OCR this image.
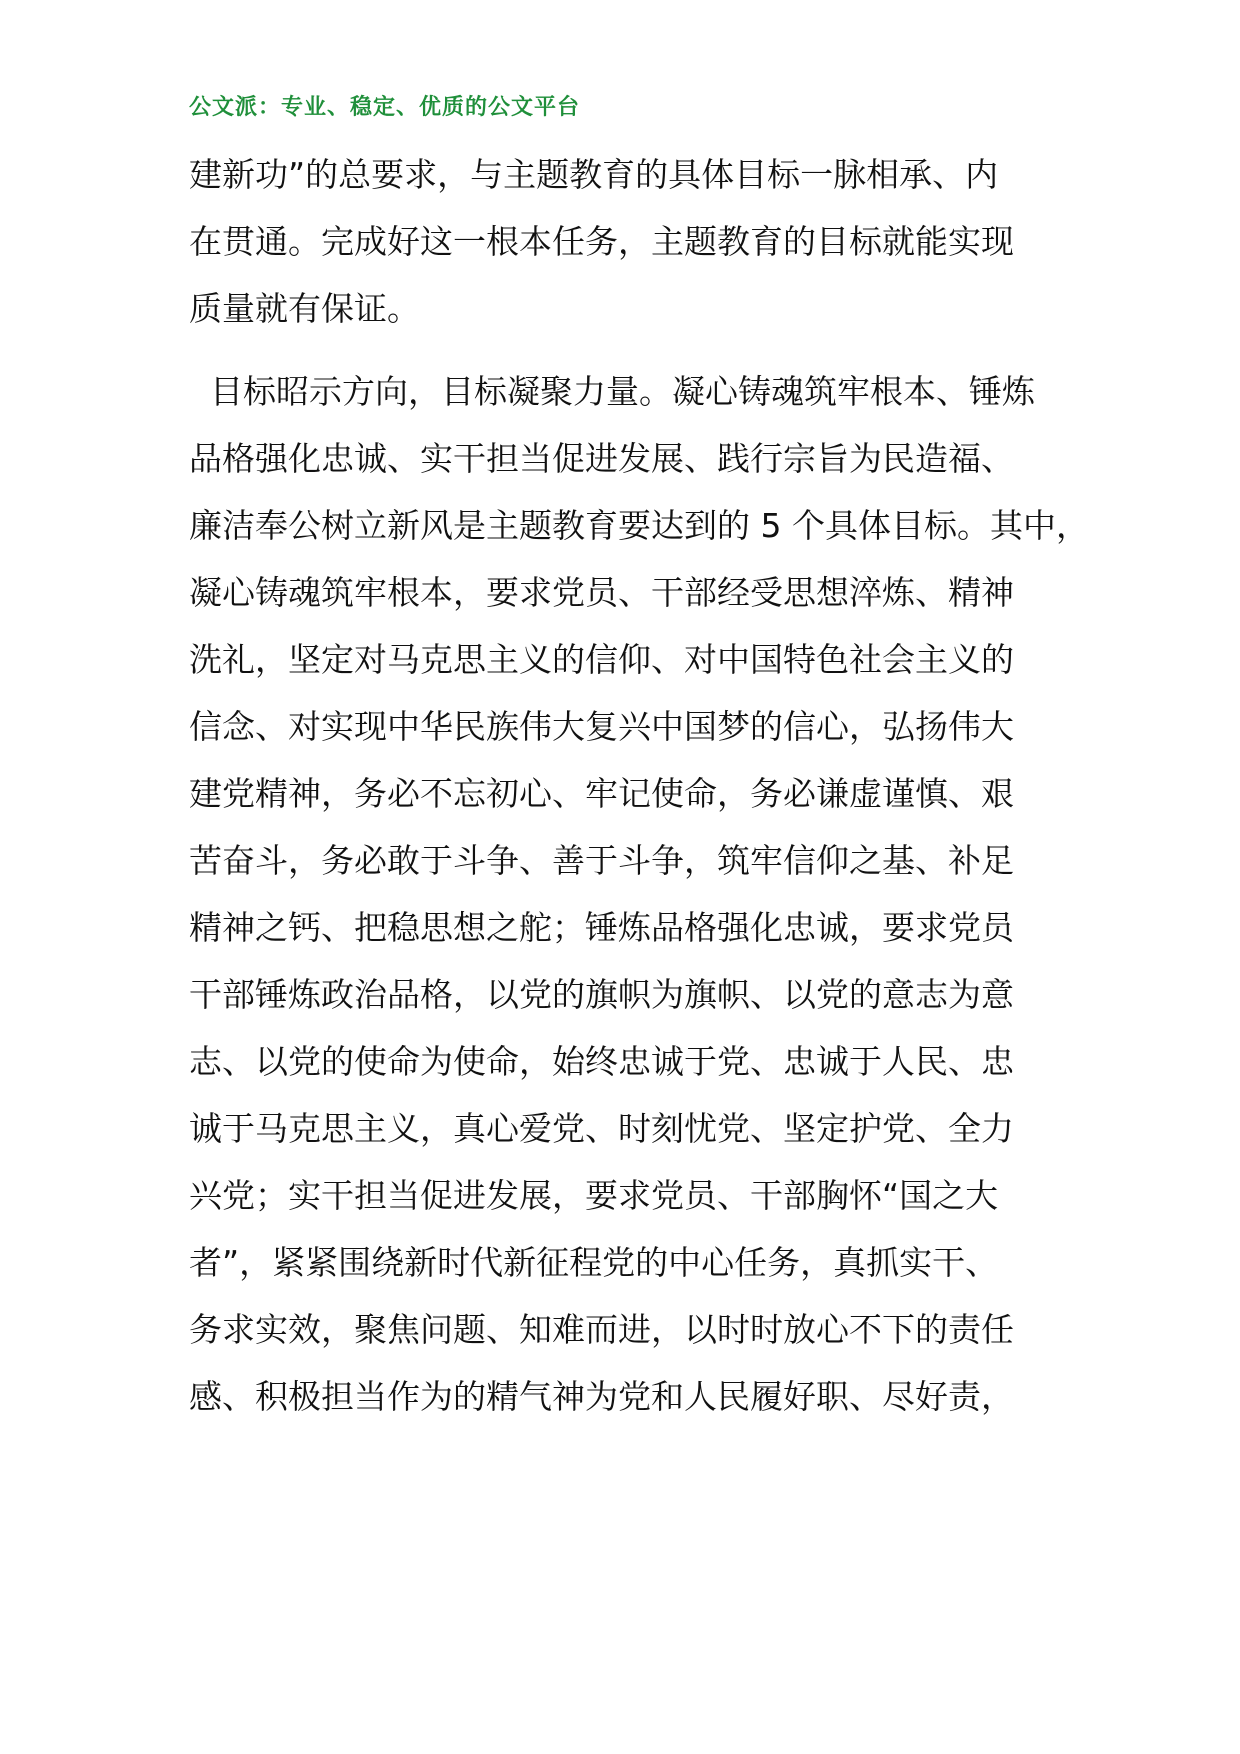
公文派：专业、稳定、优质的公文平台
建新功”的总要求，与主题教育的具体目标一脉相承、内
在贯通。完成好这一根本任务，主题教育的目标就能实现
质量就有保证。
目标昭示方向，目标凝聚力量。凝心铸魂筑牢根本、锤炼
品格强化忠诚、实干担当促进发展、践行宗旨为民造福、
廉洁奉公树立新风是主题教育要达到的 5 个具体目标。其中，
凝心铸魂筑牢根本，要求党员、干部经受思想淬炼、精神
洗礼，坚定对马克思主义的信仰、对中国特色社会主义的
信念、对实现中华民族伟大复兴中国梦的信心，弘扬伟大
建党精神，务必不忘初心、牢记使命，务必谦虚谨慎、艰
苦奋斗，务必敢于斗争、善于斗争，筑牢信仰之基、补足
精神之钙、把稳思想之舵；锤炼品格强化忠诚，要求党员
干部锤炼政治品格，以党的旗帜为旗帜、以党的意志为意
志、以党的使命为使命，始终忠诚于党、忠诚于人民、忠
诚于马克思主义，真心爱党、时刻忧党、坚定护党、全力
兴党；实干担当促进发展，要求党员、干部胸怀“国之大
者”，紧紧围绕新时代新征程党的中心任务，真抓实干、
务求实效，聚焦问题、知难而进，以时时放心不下的责任
感、积极担当作为的精气神为党和人民履好职、尽好责，
